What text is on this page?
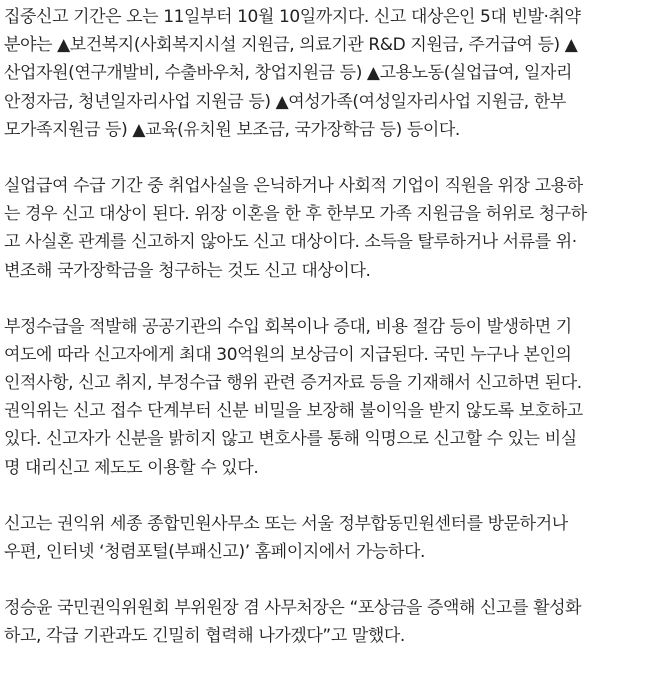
집중신고 기간은 오는 11일부터 10월 10일까지다. 신고 대상은인 5대 빈발·취약
분야는 ▲보건복지(사회복지시설 지원금, 의료기관 R&D 지원금, 주거급여 등) ▲
산업자원(연구개발비, 수출바우처, 창업지원금 등) ▲고용노동(실업급여, 일자리
안정자금, 청년일자리사업 지원금 등) ▲여성가족(여성일자리사업 지원금, 한부
모가족지원금 등) ▲교육(유치원 보조금, 국가장학금 등) 등이다.

실업급여 수급 기간 중 취업사실을 은닉하거나 사회적 기업이 직원을 위장 고용하
는 경우 신고 대상이 된다. 위장 이혼을 한 후 한부모 가족 지원금을 허위로 청구하
고 사실혼 관계를 신고하지 않아도 신고 대상이다. 소득을 탈루하거나 서류를 위·
변조해 국가장학금을 청구하는 것도 신고 대상이다.

부정수급을 적발해 공공기관의 수입 회복이나 증대, 비용 절감 등이 발생하면 기
여도에 따라 신고자에게 최대 30억원의 보상금이 지급된다. 국민 누구나 본인의
인적사항, 신고 취지, 부정수급 행위 관련 증거자료 등을 기재해서 신고하면 된다.
권익위는 신고 접수 단계부터 신분 비밀을 보장해 불이익을 받지 않도록 보호하고
있다. 신고자가 신분을 밝히지 않고 변호사를 통해 익명으로 신고할 수 있는 비실
명 대리신고 제도도 이용할 수 있다.

신고는 권익위 세종 종합민원사무소 또는 서울 정부합동민원센터를 방문하거나
우편, 인터넷 ‘청렴포털(부패신고)’ 홈페이지에서 가능하다.

정승윤 국민권익위원회 부위원장 겸 사무처장은 “포상금을 증액해 신고를 활성화
하고, 각급 기관과도 긴밀히 협력해 나가겠다”고 말했다.
